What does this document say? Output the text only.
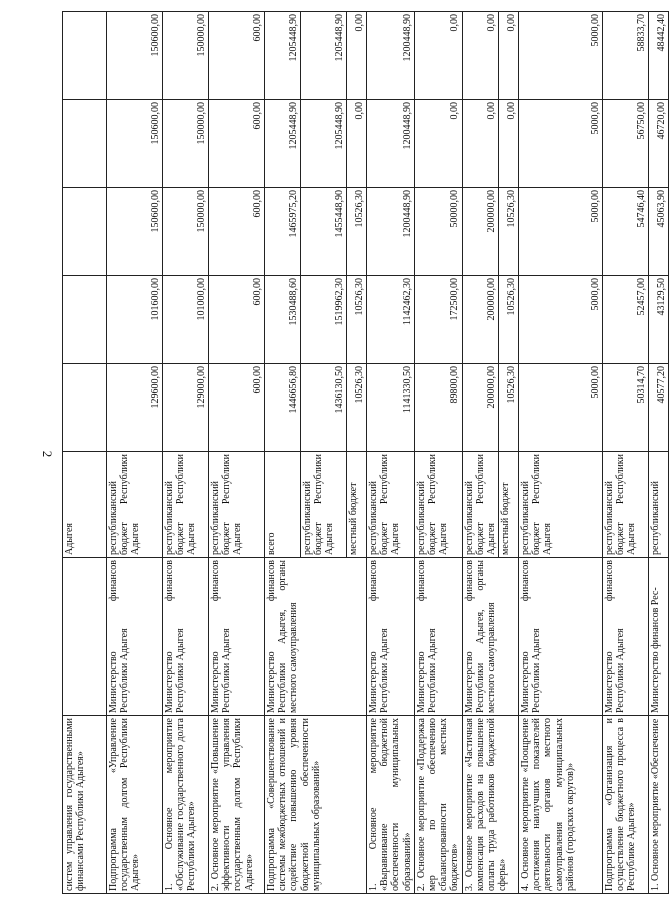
2
систем управления государственными финансами Республики Адыгея»		Адыгея					
Подпрограмма «Управление государственным долгом Республики Адыгея»	Министерство финансов Республики Адыгея	республиканский бюджет Республики Адыгея	129600,00	101600,00	150600,00	150600,00	150600,00
1. Основное мероприятие «Обслуживание государственного долга Республики Адыгея»	Министерство финансов Республики Адыгея	республиканский бюджет Республики Адыгея	129000,00	101000,00	150000,00	150000,00	150000,00
2. Основное мероприятие «Повышение эффективности управления государственным долгом Республики Адыгея»	Министерство финансов Республики Адыгея	республиканский бюджет Республики Адыгея	600,00	600,00	600,00	600,00	600,00
Подпрограмма «Совершенствование системы межбюджетных отношений и содействие повышению уровня бюджетной обеспеченности муниципальных образований»	Министерство финансов Республики Адыгея, органы местного самоуправления	всего	1446656,80	1530488,60	1465975,20	1205448,90	1205448,90
		республиканский бюджет Республики Адыгея	1436130,50	1519962,30	1455448,90	1205448,90	1205448,90
		местный бюджет	10526,30	10526,30	10526,30	0,00	0,00
1. Основное мероприятие «Выравнивание бюджетной обеспеченности муниципальных образований»	Министерство финансов Республики Адыгея	республиканский бюджет Республики Адыгея	1141330,50	1142462,30	1200448,90	1200448,90	1200448,90
2. Основное мероприятие «Поддержка мер по обеспечению сбалансированности местных бюджетов»	Министерство финансов Республики Адыгея	республиканский бюджет Республики Адыгея	89800,00	172500,00	50000,00	0,00	0,00
3. Основное мероприятие «Частичная компенсация расходов на повышение оплаты труда работников бюджетной сферы»	Министерство финансов Республики Адыгея, органы местного самоуправления	республиканский бюджет Республики Адыгея	200000,00	200000,00	200000,00	0,00	0,00
		местный бюджет	10526,30	10526,30	10526,30	0,00	0,00
4. Основное мероприятие «Поощрение достижения наилучших показателей деятельности органов местного самоуправления муниципальных районов (городских округов)»	Министерство финансов Республики Адыгея	республиканский бюджет Республики Адыгея	5000,00	5000,00	5000,00	5000,00	5000,00
Подпрограмма «Организация и осуществление бюджетного процесса в Республике Адыгея»	Министерство финансов Республики Адыгея	республиканский бюджет Республики Адыгея	50314,70	52457,00	54746,40	56750,00	58833,70
1. Основное мероприятие «Обеспечение	Министерство финансов Рес-	республиканский	40577,20	43129,50	45063,90	46720,00	48442,40
